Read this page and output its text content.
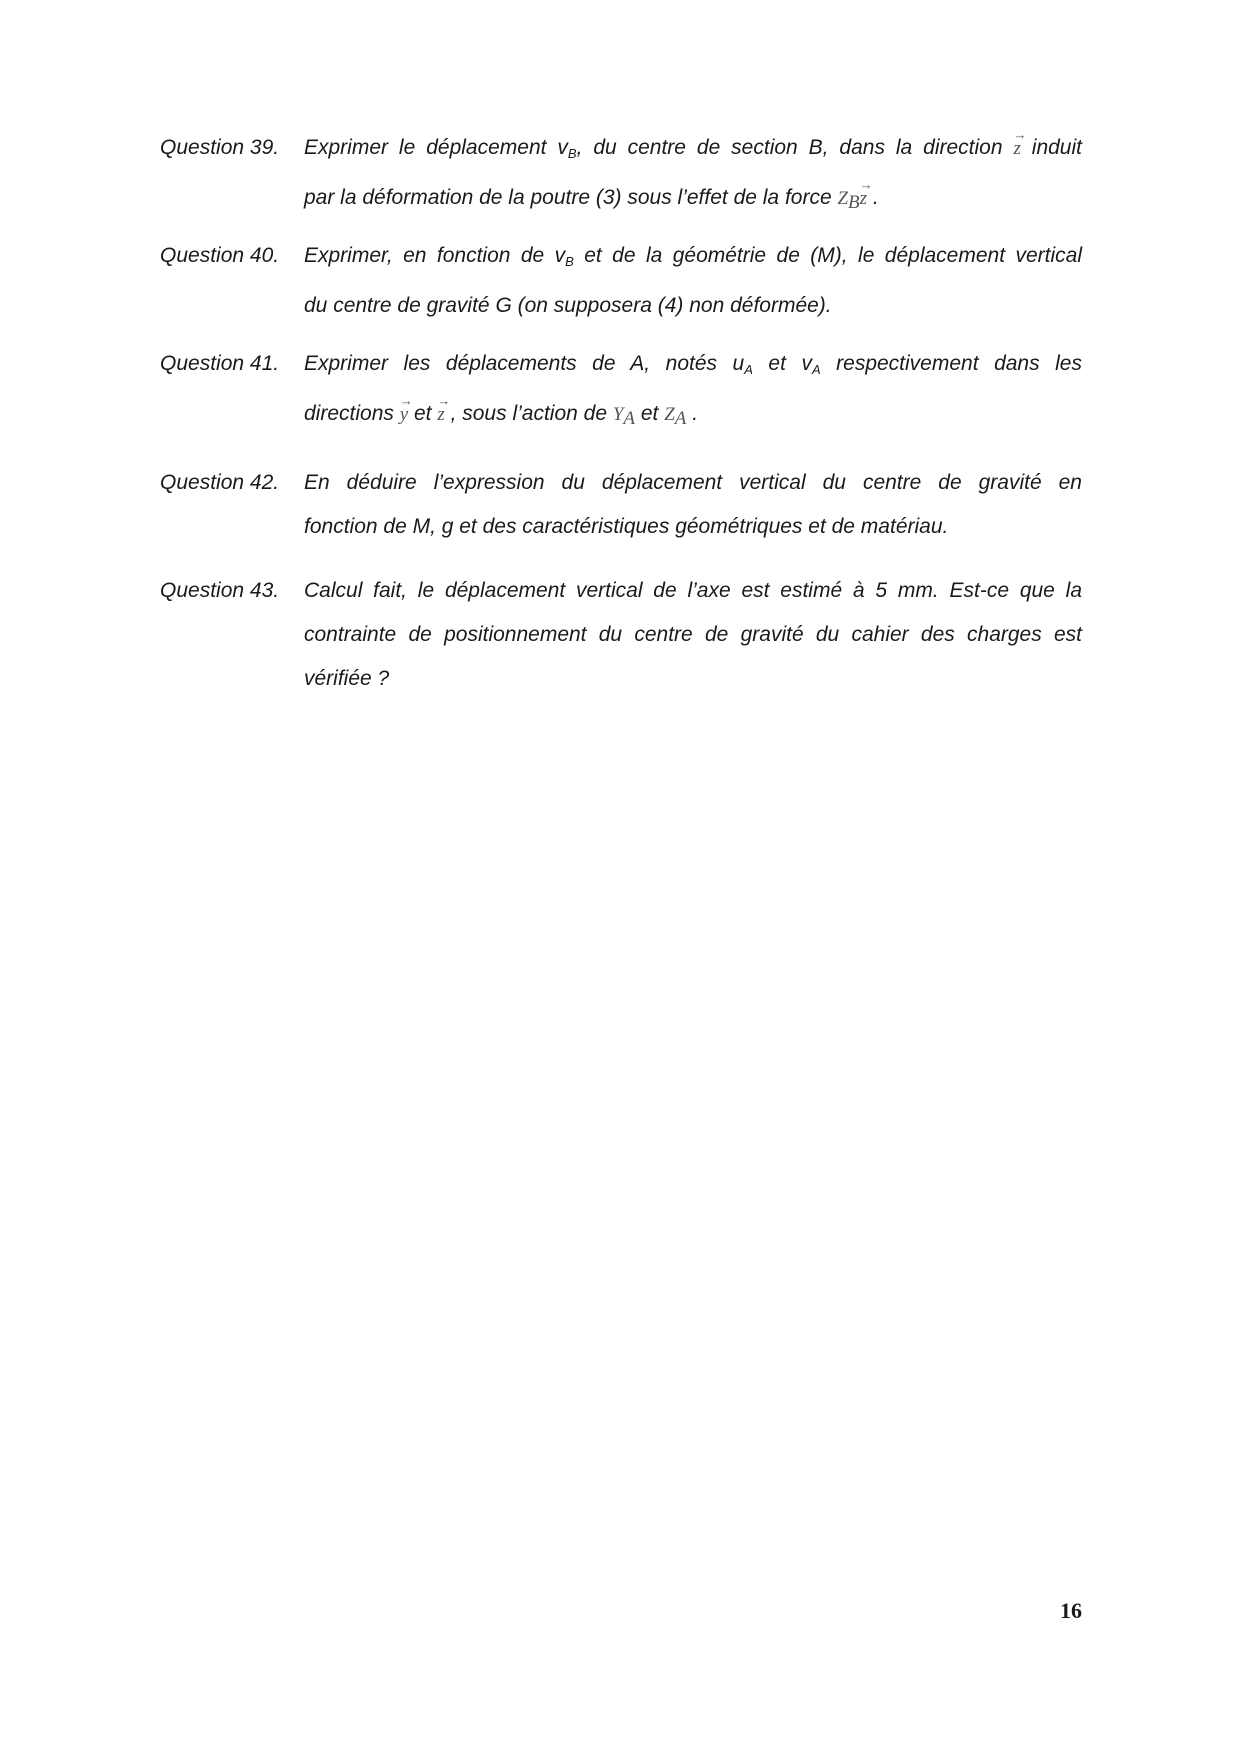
Question 39.	Exprimer le déplacement $v_B$, du centre de section B, dans la direction → z induit
par la déformation de la poutre (3) sous l’effet de la force $Z_B\to z$ .
Question 40.	Exprimer, en fonction de $v_B$ et de la géométrie de (M), le déplacement vertical
du centre de gravité G (on supposera (4) non déformée).
Question 41.	Exprimer les déplacements de A, notés $u_A$ et $v_A$ respectivement dans les
directions → y et → z , sous l’action de $Y_A$ et $Z_A$ .
Question 42.	En déduire l’expression du déplacement vertical du centre de gravité en
fonction de M, g et des caractéristiques géométriques et de matériau.
Question 43.	Calcul fait, le déplacement vertical de l’axe est estimé à 5 mm. Est-ce que la
contrainte de positionnement du centre de gravité du cahier des charges est
vérifiée ?
16
